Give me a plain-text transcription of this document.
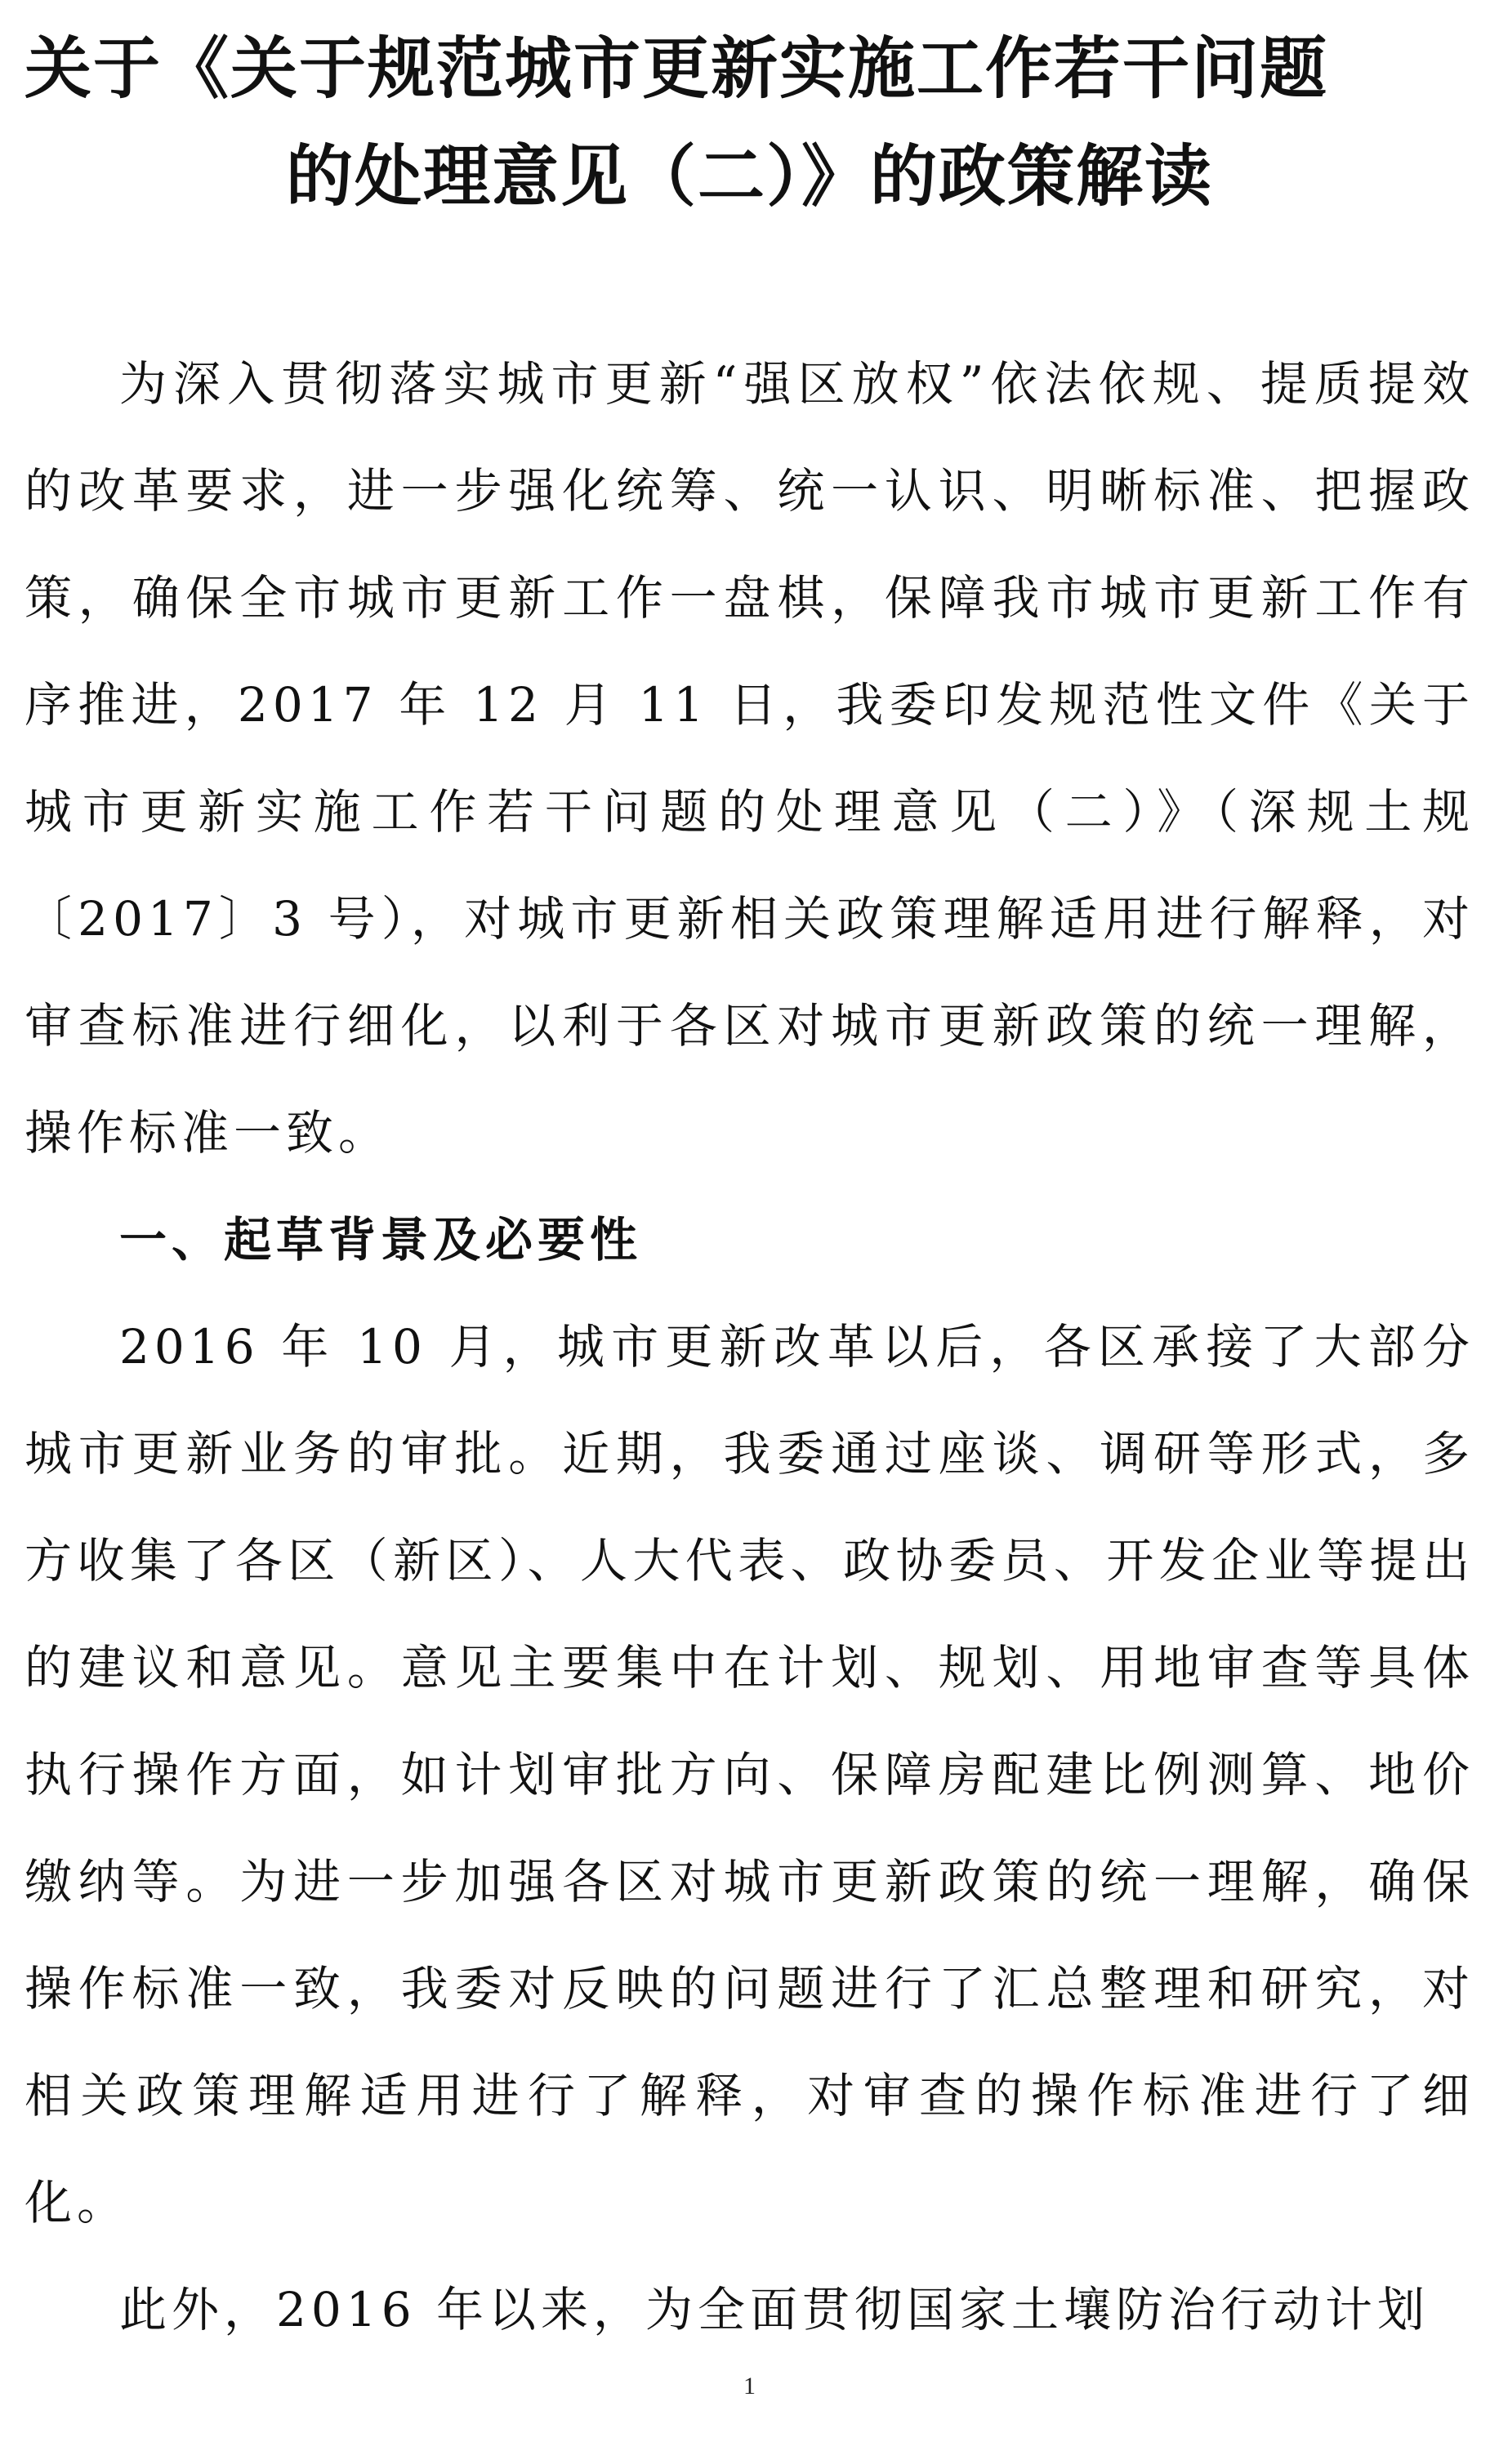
关于《关于规范城市更新实施工作若干问题
的处理意见（二）》的政策解读

为深入贯彻落实城市更新“强区放权”依法依规、提质提效的改革要求，进一步强化统筹、统一认识、明晰标准、把握政策，确保全市城市更新工作一盘棋，保障我市城市更新工作有序推进，2017 年 12 月 11 日，我委印发规范性文件《关于城市更新实施工作若干问题的处理意见（二）》（深规土规〔2017〕3 号），对城市更新相关政策理解适用进行解释，对审查标准进行细化，以利于各区对城市更新政策的统一理解，操作标准一致。

一、起草背景及必要性

2016 年 10 月，城市更新改革以后，各区承接了大部分城市更新业务的审批。近期，我委通过座谈、调研等形式，多方收集了各区（新区）、人大代表、政协委员、开发企业等提出的建议和意见。意见主要集中在计划、规划、用地审查等具体执行操作方面，如计划审批方向、保障房配建比例测算、地价缴纳等。为进一步加强各区对城市更新政策的统一理解，确保操作标准一致，我委对反映的问题进行了汇总整理和研究，对相关政策理解适用进行了解释，对审查的操作标准进行了细化。

此外，2016 年以来，为全面贯彻国家土壤防治行动计划

1
